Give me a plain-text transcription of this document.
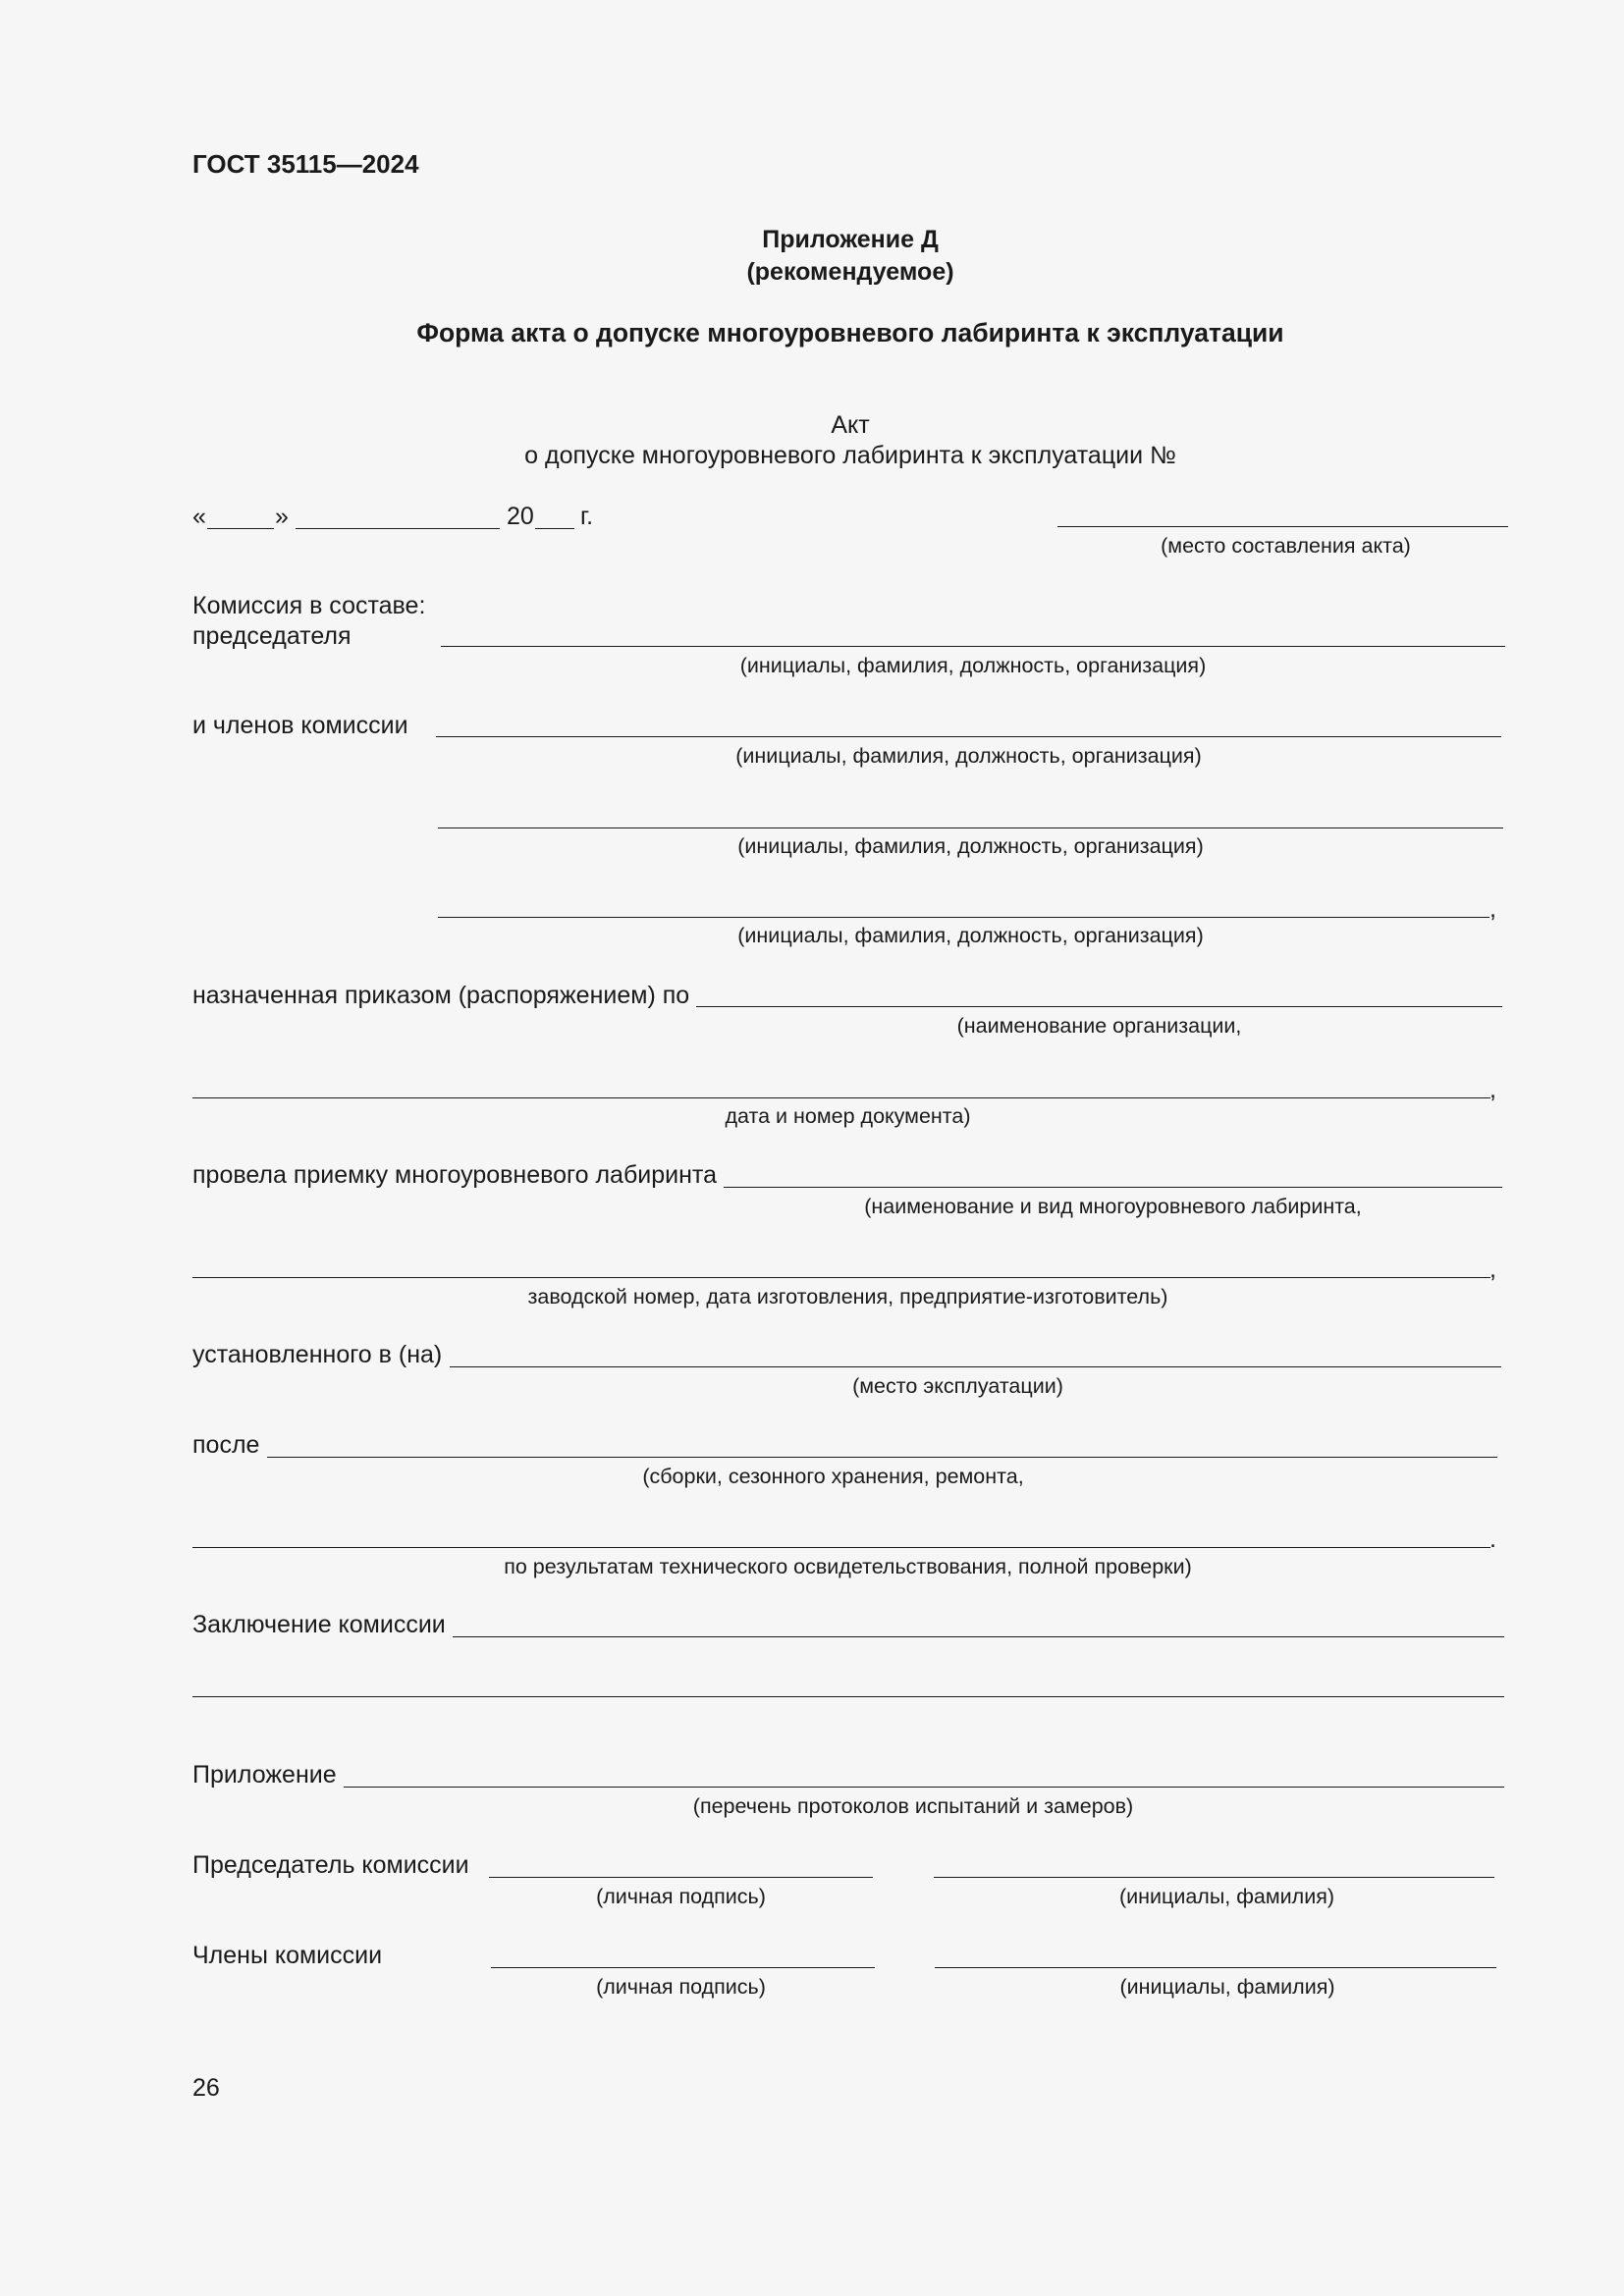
ГОСТ 35115—2024
Приложение Д
(рекомендуемое)
Форма акта о допуске многоуровневого лабиринта к эксплуатации
Акт
о допуске многоуровневого лабиринта к эксплуатации №
«	»	20 г.
(место составления акта)
Комиссия в составе:
председателя
(инициалы, фамилия, должность, организация)
и членов комиссии
(инициалы, фамилия, должность, организация)
(инициалы, фамилия, должность, организация)
,
(инициалы, фамилия, должность, организация)
назначенная приказом (распоряжением) по
(наименование организации,
,
дата и номер документа)
провела приемку многоуровневого лабиринта
(наименование и вид многоуровневого лабиринта,
,
заводской номер, дата изготовления, предприятие-изготовитель)
установленного в (на)
(место эксплуатации)
после
(сборки, сезонного хранения, ремонта,
.
по результатам технического освидетельствования, полной проверки)
Заключение комиссии
Приложение
(перечень протоколов испытаний и замеров)
Председатель комиссии
(личная подпись)	(инициалы, фамилия)
Члены комиссии
(личная подпись)	(инициалы, фамилия)
26
